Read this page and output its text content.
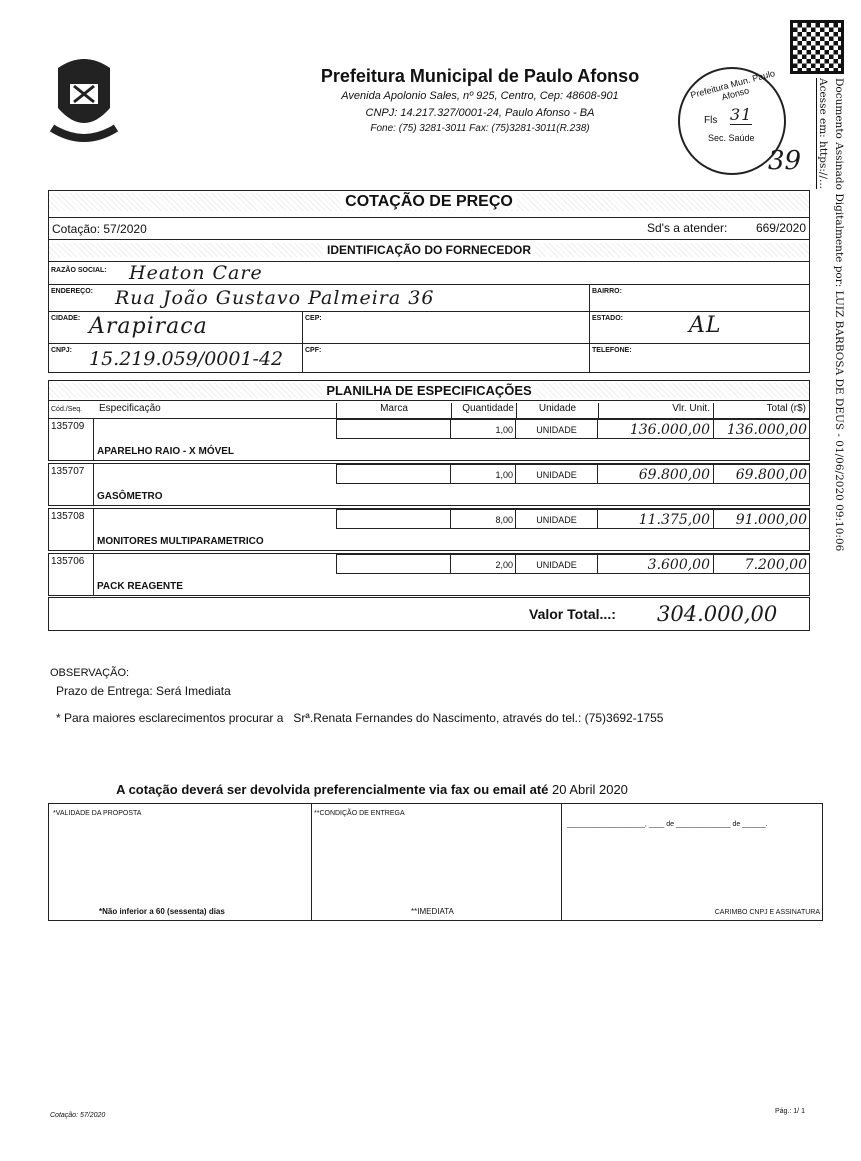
Prefeitura Municipal de Paulo Afonso
Avenida Apolonio Sales, nº 925, Centro, Cep: 48608-901
CNPJ: 14.217.327/0001-24, Paulo Afonso - BA
Fone: (75) 3281-3011 Fax: (75)3281-3011(R.238)
Prefeitura Mun. Paulo Afonso
Fls 31
Sec. Saúde
39	Documento Assinado Digitalmente por: LUIZ BARBOSA DE DEUS - 01/06/2020 09:10:06
Acesse em: https://...
COTAÇÃO DE PREÇO
Cotação: 57/2020	Sd's a atender: 669/2020
IDENTIFICAÇÃO DO FORNECEDOR
RAZÃO SOCIAL: Heaton Care
ENDEREÇO: Rua João Gustavo Palmeira 36	BAIRRO:
CIDADE: Arapiraca	CEP:	ESTADO:	AL
CNPJ: 15.219.059/0001-42	CPF:	TELEFONE:
PLANILHA DE ESPECIFICAÇÕES
Cód./Seq. Especificação	Marca	Quantidade	Unidade	Vlr. Unit.	Total (r$)
135709	1,00	UNIDADE	136.000,00	136.000,00
APARELHO RAIO - X MÓVEL
135707	1,00	UNIDADE	69.800,00	69.800,00
GASÔMETRO
135708	8,00	UNIDADE	11.375,00	91.000,00
MONITORES MULTIPARAMETRICO
135706	2,00	UNIDADE	3.600,00	7.200,00
PACK REAGENTE
Valor Total...: 304.000,00
OBSERVAÇÃO:
Prazo de Entrega: Será Imediata
* Para maiores esclarecimentos procurar a   Srª.Renata Fernandes do Nascimento, através do tel.: (75)3692-1755
A cotação deverá ser devolvida preferencialmente via fax ou email até 20 Abril 2020
*VALIDADE DA PROPOSTA
*Não inferior a 60 (sessenta) dias
**CONDIÇÃO DE ENTREGA
**IMEDIATA
____________________, ____ de ______________ de ______.
CARIMBO CNPJ E ASSINATURA
Cotação: 57/2020
Pág.: 1/ 1
